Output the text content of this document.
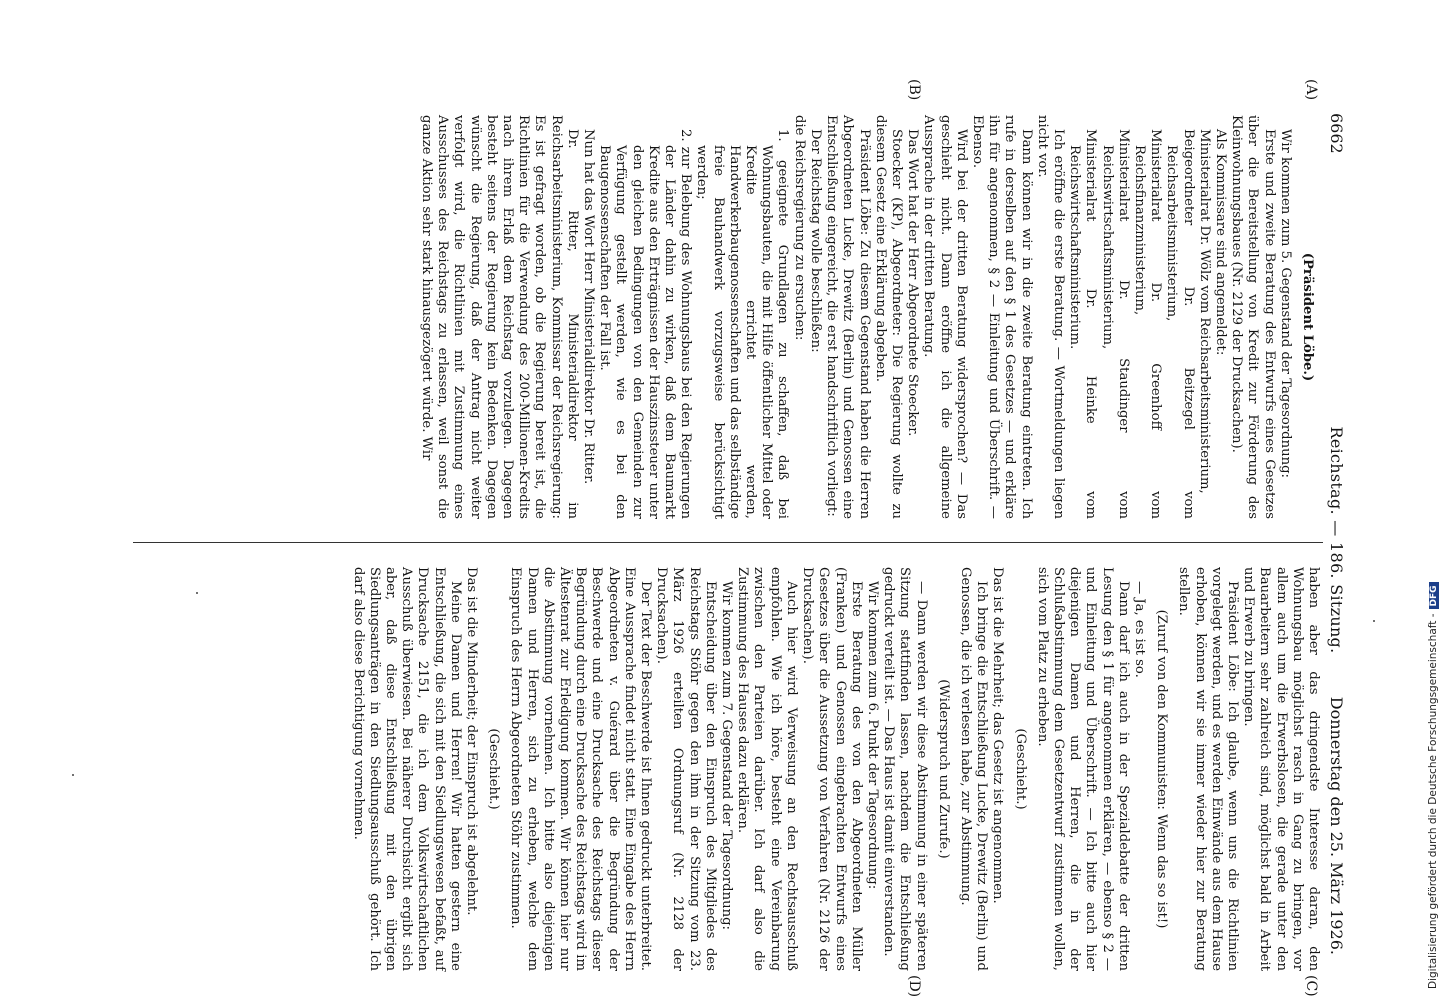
6662
Reichstag. — 186. Sitzung.
Donnerstag den 25. März 1926.
(A)
(B)
(C)
(D)

(Präsident Löbe.)

Wir kommen zum 5. Gegenstand der Tagesordnung:

Erste und zweite Beratung des Entwurfs eines Gesetzes über die Bereitstellung von Kredit zur Förderung des Kleinwohnungsbaues (Nr. 2129 der Drucksachen).

Als Kommissare sind angemeldet:

Ministerialrat Dr. Wölz vom Reichsarbeitsministerium,

Beigeordneter Dr. Beitzegel vom Reichsarbeitsministerium,

Ministerialrat Dr. Greenhoff vom Reichsfinanzministerium,

Ministerialrat Dr. Staudinger vom Reichswirtschaftsministerium,

Ministerialrat Dr. Heinke vom Reichswirtschaftsministerium.

Ich eröffne die erste Beratung. — Wortmeldungen liegen nicht vor.

Dann können wir in die zweite Beratung eintreten. Ich rufe in derselben auf den § 1 des Gesetzes — und erkläre ihn für angenommen, § 2 — Einleitung und Überschrift. — Ebenso.

Wird bei der dritten Beratung widersprochen? — Das geschieht nicht. Dann eröffne ich die allgemeine Aussprache in der dritten Beratung.

Das Wort hat der Herr Abgeordnete Stoecker.

Stoecker (KP), Abgeordneter: Die Regierung wollte zu diesem Gesetz eine Erklärung abgeben.

Präsident Löbe: Zu diesem Gegenstand haben die Herren Abgeordneten Lucke, Drewitz (Berlin) und Genossen eine Entschließung eingereicht, die erst handschriftlich vorliegt:

Der Reichstag wolle beschließen:

die Reichsregierung zu ersuchen:

1. geeignete Grundlagen zu schaffen, daß bei Wohnungsbauten, die mit Hilfe öffentlicher Mittel oder Kredite errichtet werden, Handwerkerbaugenossenschaften und das selbständige freie Bauhandwerk vorzugsweise berücksichtigt werden;

2. zur Belebung des Wohnungsbaus bei den Regierungen der Länder dahin zu wirken, daß dem Baumarkt Kredite aus den Erträgnissen der Hauszinssteuer unter den gleichen Bedingungen von den Gemeinden zur Verfügung gestellt werden, wie es bei den Baugenossenschaften der Fall ist.

Nun hat das Wort Herr Ministerialdirektor Dr. Ritter.

Dr. Ritter, Ministerialdirektor im Reichsarbeitsministerium, Kommissar der Reichsregierung: Es ist gefragt worden, ob die Regierung bereit ist, die Richtlinien für die Verwendung des 200-Millionen-Kredits nach ihrem Erlaß dem Reichstag vorzulegen. Dagegen besteht seitens der Regierung kein Bedenken. Dagegen wünscht die Regierung, daß der Antrag nicht weiter verfolgt wird, die Richtlinien mit Zustimmung eines Ausschusses des Reichstags zu erlassen, weil sonst die ganze Aktion sehr stark hinausgezögert würde. Wir

haben aber das dringendste Interesse daran, den Wohnungsbau möglichst rasch in Gang zu bringen, vor allem auch um die Erwerbslosen, die gerade unter den Bauarbeitern sehr zahlreich sind, möglichst bald in Arbeit und Erwerb zu bringen.

Präsident Löbe: Ich glaube, wenn uns die Richtlinien vorgelegt werden, und es werden Einwände aus dem Hause erhoben, können wir sie immer wieder hier zur Beratung stellen.

(Zuruf von den Kommunisten: Wenn das so ist!)

— Ja, es ist so.

Dann darf ich auch in der Spezialdebatte der dritten Lesung den § 1 für angenommen erklären, — ebenso § 2 — und Einleitung und Überschrift. — Ich bitte auch hier diejenigen Damen und Herren, die in der Schlußabstimmung dem Gesetzentwurf zustimmen wollen, sich vom Platz zu erheben.

(Geschieht.)

Das ist die Mehrheit; das Gesetz ist angenommen.

Ich bringe die Entschließung Lucke, Drewitz (Berlin) und Genossen, die ich verlesen habe, zur Abstimmung.

(Widerspruch und Zurufe.)

— Dann werden wir diese Abstimmung in einer späteren Sitzung stattfinden lassen, nachdem die Entschließung gedruckt verteilt ist. — Das Haus ist damit einverstanden.

Wir kommen zum 6. Punkt der Tagesordnung:

Erste Beratung des von den Abgeordneten Müller (Franken) und Genossen eingebrachten Entwurfs eines Gesetzes über die Aussetzung von Verfahren (Nr. 2126 der Drucksachen).

Auch hier wird Verweisung an den Rechtsausschuß empfohlen. Wie ich höre, besteht eine Vereinbarung zwischen den Parteien darüber. Ich darf also die Zustimmung des Hauses dazu erklären.

Wir kommen zum 7. Gegenstand der Tagesordnung:

Entscheidung über den Einspruch des Mitgliedes des Reichstags Stöhr gegen den ihm in der Sitzung vom 23. März 1926 erteilten Ordnungsruf (Nr. 2128 der Drucksachen).

Der Text der Beschwerde ist Ihnen gedruckt unterbreitet. Eine Aussprache findet nicht statt. Eine Eingabe des Herrn Abgeordneten v. Guérard über die Begründung der Beschwerde und eine Drucksache des Reichstags dieser Begründung durch eine Drucksache des Reichstags wird im Ältestenrat zur Erledigung kommen. Wir können hier nur die Abstimmung vornehmen. Ich bitte also diejenigen Damen und Herren, sich zu erheben, welche dem Einspruch des Herrn Abgeordneten Stöhr zustimmen.

(Geschieht.)

Das ist die Minderheit; der Einspruch ist abgelehnt.

Meine Damen und Herren! Wir hatten gestern eine Entschließung, die sich mit den Siedlungswesen befaßt, auf Drucksache 2151, die ich dem Volkswirtschaftlichen Ausschuß überwiesen. Bei näherer Durchsicht ergibt sich aber, daß diese Entschließung mit den übrigen Siedlungsanträgen in den Siedlungsausschuß gehört. Ich darf also diese Berichtigung vornehmen.	Digitalisierung gefördert durch die Deutsche Forschungsgemeinschaft -DFG
